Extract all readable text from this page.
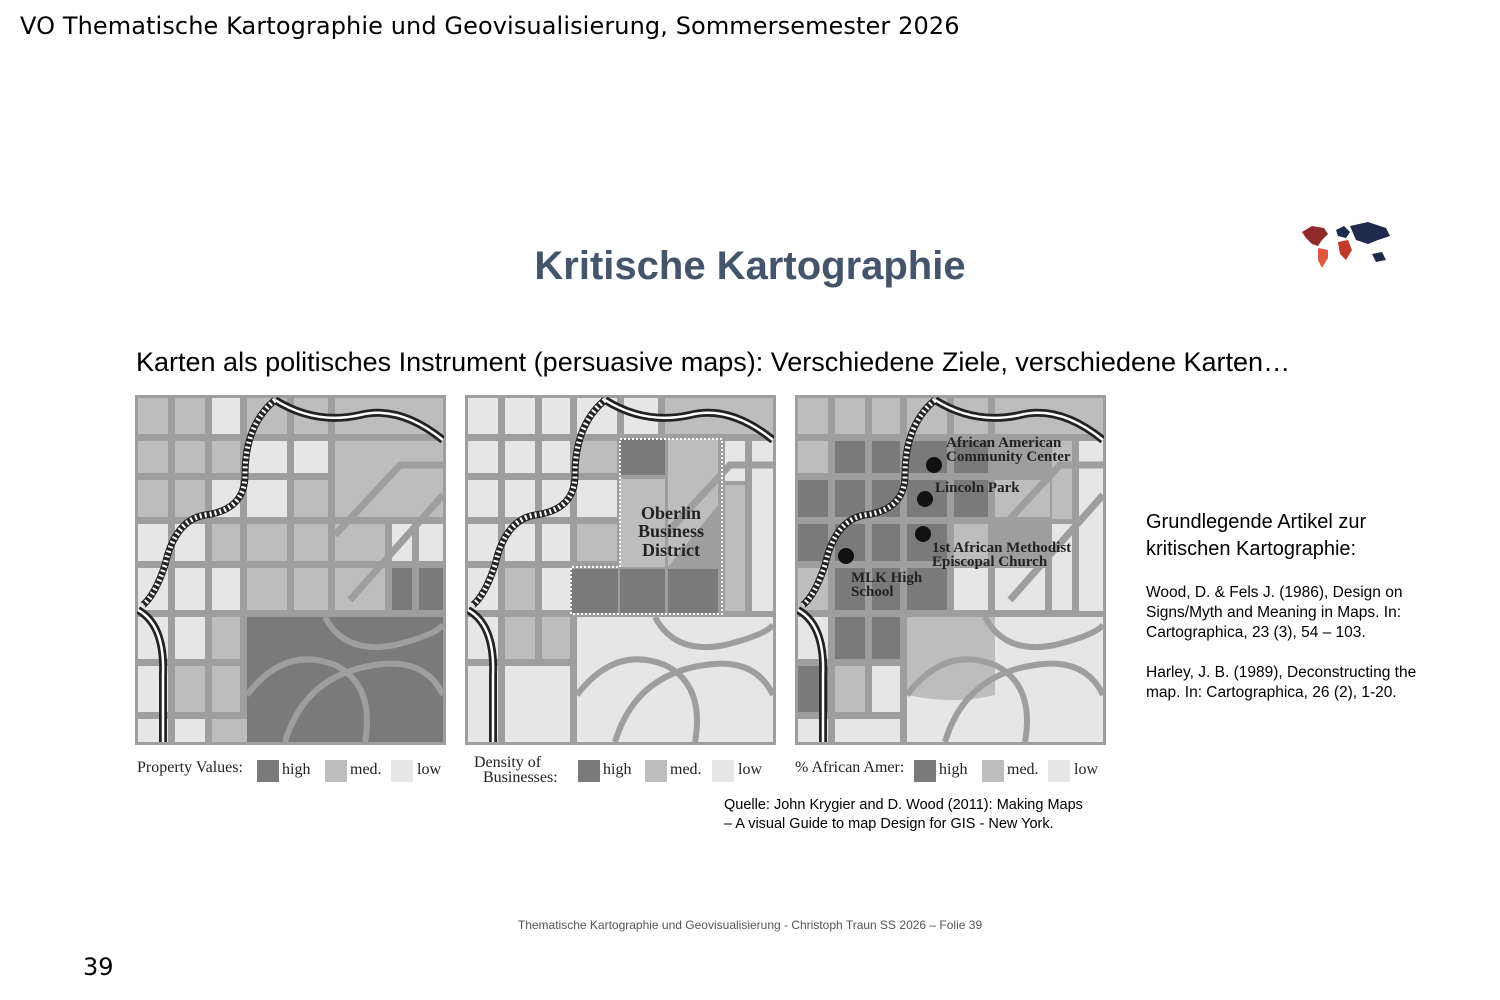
VO Thematische Kartographie und Geovisualisierung, Sommersemester 2026
Kritische Kartographie
Karten als politisches Instrument (persuasive maps): Verschiedene Ziele, verschiedene Karten…
Oberlin
Business
District
African American
Community Center
Lincoln Park
1st African Methodist
Episcopal Church
MLK High
School
Property Values: high med. low Density of
Businesses:	high med. low % African Amer: high med. low
Quelle: John Krygier and D. Wood (2011): Making Maps
– A visual Guide to map Design for GIS - New York.
Grundlegende Artikel zur kritischen Kartographie:
Wood, D. & Fels J. (1986), Design on Signs/Myth and Meaning in Maps. In: Cartographica, 23 (3), 54 – 103.
Harley, J. B. (1989), Deconstructing the map. In: Cartographica, 26 (2), 1-20.
Thematische Kartographie und Geovisualisierung - Christoph Traun SS 2026 – Folie 39
39
